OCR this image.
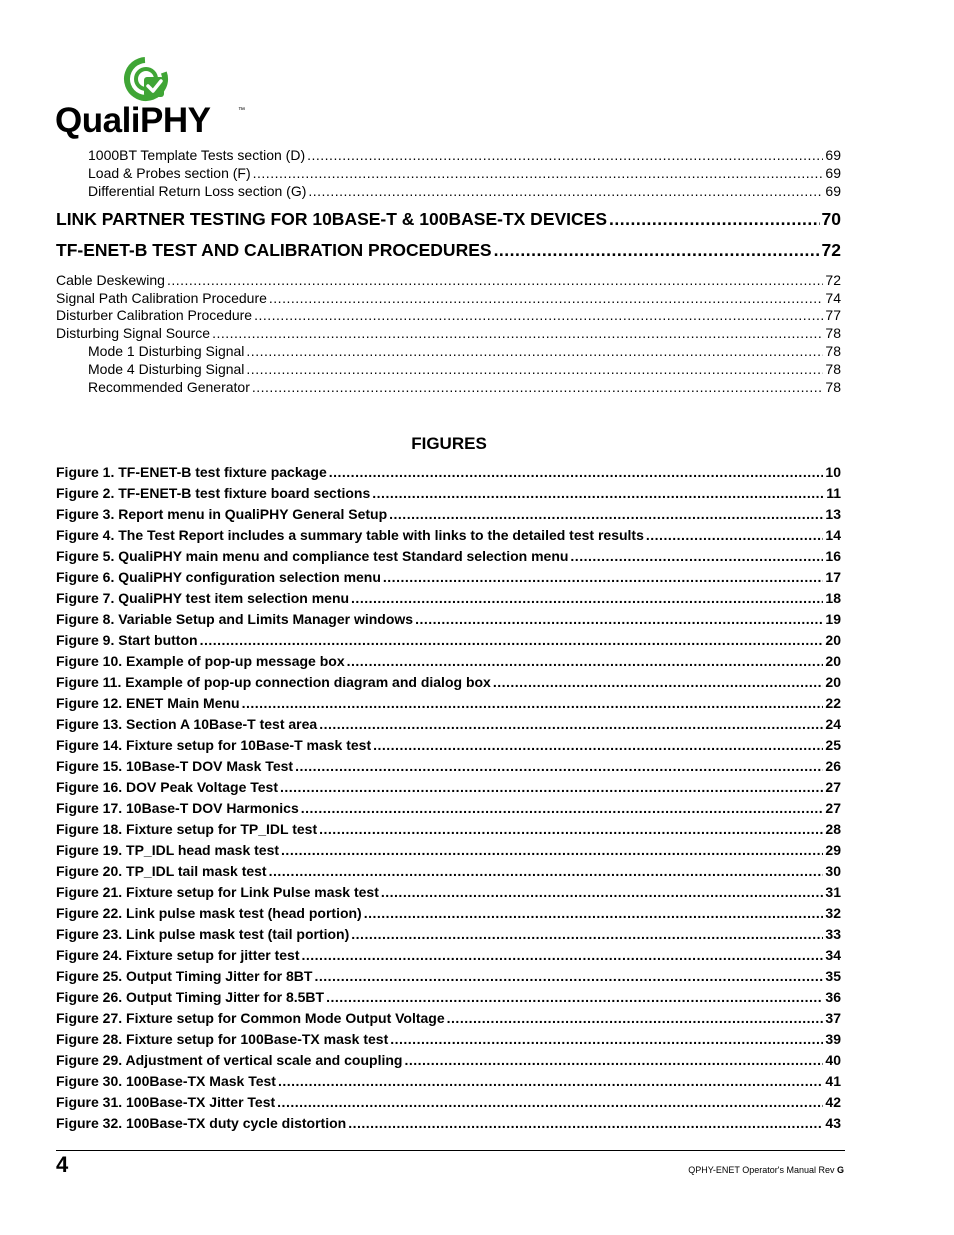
QualiPHY	™
1000BT Template Tests section (D) .....	69
Load & Probes section (F) .....	69
Differential Return Loss section (G) .....	69
LINK PARTNER TESTING FOR 10BASE-T & 100BASE-TX DEVICES .....	70
TF-ENET-B TEST AND CALIBRATION PROCEDURES .....	72
Cable Deskewing .....	72
Signal Path Calibration Procedure .....	74
Disturber Calibration Procedure .....	77
Disturbing Signal Source .....	78
Mode 1 Disturbing Signal .....	78
Mode 4 Disturbing Signal .....	78
Recommended Generator .....	78
FIGURES
Figure 1. TF-ENET-B test fixture package .....	10
Figure 2. TF-ENET-B test fixture board sections .....	11
Figure 3. Report menu in QualiPHY General Setup .....	13
Figure 4. The Test Report includes a summary table with links to the detailed test results .....	14
Figure 5. QualiPHY main menu and compliance test Standard selection menu .....	16
Figure 6. QualiPHY configuration selection menu .....	17
Figure 7. QualiPHY test item selection menu .....	18
Figure 8. Variable Setup and Limits Manager windows .....	19
Figure 9. Start button .....	20
Figure 10. Example of pop-up message box .....	20
Figure 11. Example of pop-up connection diagram and dialog box .....	20
Figure 12. ENET Main Menu .....	22
Figure 13. Section A 10Base-T test area .....	24
Figure 14. Fixture setup for 10Base-T mask test .....	25
Figure 15. 10Base-T DOV Mask Test .....	26
Figure 16. DOV Peak Voltage Test .....	27
Figure 17. 10Base-T DOV Harmonics .....	27
Figure 18. Fixture setup for TP_IDL test .....	28
Figure 19. TP_IDL head mask test .....	29
Figure 20. TP_IDL tail mask test .....	30
Figure 21. Fixture setup for Link Pulse mask test .....	31
Figure 22. Link pulse mask test (head portion) .....	32
Figure 23. Link pulse mask test (tail portion) .....	33
Figure 24. Fixture setup for jitter test .....	34
Figure 25. Output Timing Jitter for 8BT .....	35
Figure 26. Output Timing Jitter for 8.5BT .....	36
Figure 27. Fixture setup for Common Mode Output Voltage .....	37
Figure 28. Fixture setup for 100Base-TX mask test .....	39
Figure 29. Adjustment of vertical scale and coupling .....	40
Figure 30. 100Base-TX Mask Test .....	41
Figure 31. 100Base-TX Jitter Test .....	42
Figure 32. 100Base-TX duty cycle distortion .....	43
4	QPHY-ENET Operator's Manual Rev G
